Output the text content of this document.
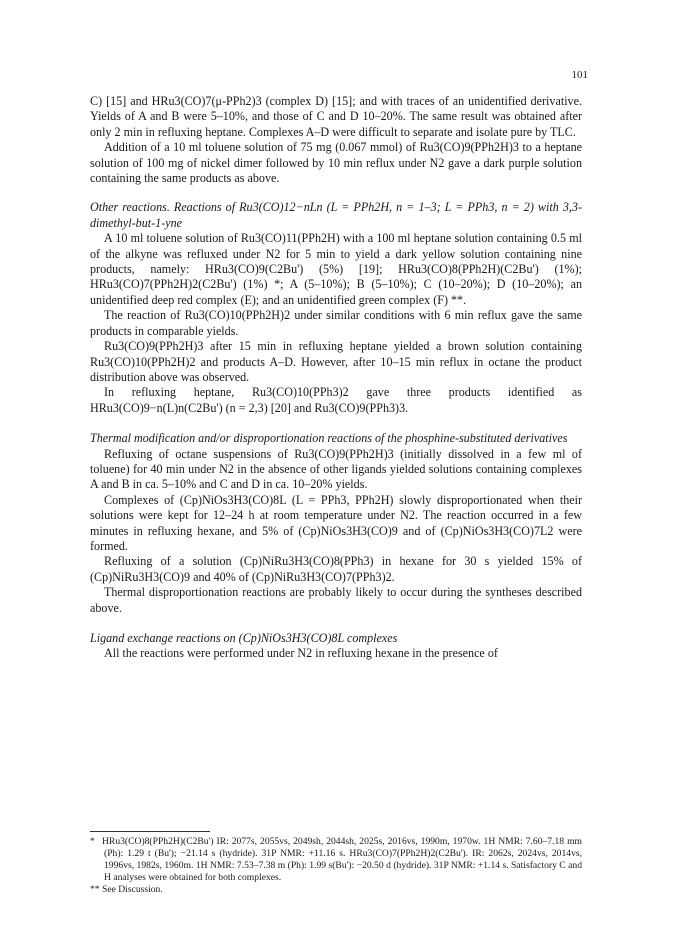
101

C) [15] and HRu3(CO)7(μ-PPh2)3 (complex D) [15]; and with traces of an unidentified derivative. Yields of A and B were 5–10%, and those of C and D 10–20%. The same result was obtained after only 2 min in refluxing heptane. Complexes A–D were difficult to separate and isolate pure by TLC.

Addition of a 10 ml toluene solution of 75 mg (0.067 mmol) of Ru3(CO)9(PPh2H)3 to a heptane solution of 100 mg of nickel dimer followed by 10 min reflux under N2 gave a dark purple solution containing the same products as above.

Other reactions. Reactions of Ru3(CO)12−nLn (L = PPh2H, n = 1–3; L = PPh3, n = 2) with 3,3-dimethyl-but-1-yne

A 10 ml toluene solution of Ru3(CO)11(PPh2H) with a 100 ml heptane solution containing 0.5 ml of the alkyne was refluxed under N2 for 5 min to yield a dark yellow solution containing nine products, namely: HRu3(CO)9(C2Bu') (5%) [19]; HRu3(CO)8(PPh2H)(C2Bu') (1%); HRu3(CO)7(PPh2H)2(C2Bu') (1%) *; A (5–10%); B (5–10%); C (10–20%); D (10–20%); an unidentified deep red complex (E); and an unidentified green complex (F) **.

The reaction of Ru3(CO)10(PPh2H)2 under similar conditions with 6 min reflux gave the same products in comparable yields.

Ru3(CO)9(PPh2H)3 after 15 min in refluxing heptane yielded a brown solution containing Ru3(CO)10(PPh2H)2 and products A–D. However, after 10–15 min reflux in octane the product distribution above was observed.

In refluxing heptane, Ru3(CO)10(PPh3)2 gave three products identified as HRu3(CO)9−n(L)n(C2Bu') (n = 2,3) [20] and Ru3(CO)9(PPh3)3.

Thermal modification and/or disproportionation reactions of the phosphine-substituted derivatives

Refluxing of octane suspensions of Ru3(CO)9(PPh2H)3 (initially dissolved in a few ml of toluene) for 40 min under N2 in the absence of other ligands yielded solutions containing complexes A and B in ca. 5–10% and C and D in ca. 10–20% yields.

Complexes of (Cp)NiOs3H3(CO)8L (L = PPh3, PPh2H) slowly disproportionated when their solutions were kept for 12–24 h at room temperature under N2. The reaction occurred in a few minutes in refluxing hexane, and 5% of (Cp)NiOs3H3(CO)9 and of (Cp)NiOs3H3(CO)7L2 were formed.

Refluxing of a solution (Cp)NiRu3H3(CO)8(PPh3) in hexane for 30 s yielded 15% of (Cp)NiRu3H3(CO)9 and 40% of (Cp)NiRu3H3(CO)7(PPh3)2.

Thermal disproportionation reactions are probably likely to occur during the syntheses described above.

Ligand exchange reactions on (Cp)NiOs3H3(CO)8L complexes

All the reactions were performed under N2 in refluxing hexane in the presence of

* HRu3(CO)8(PPh2H)(C2Bu') IR: 2077s, 2055vs, 2049sh, 2044sh, 2025s, 2016vs, 1990m, 1970w. 1H NMR: 7.60–7.18 mm (Ph): 1.29 t (Bu'); −21.14 s (hydride). 31P NMR: +11.16 s. HRu3(CO)7(PPh2H)2(C2Bu'). IR: 2062s, 2024vs, 2014vs, 1996vs, 1982s, 1960m. 1H NMR: 7.53–7.38 m (Ph): 1.99 s(Bu'): −20.50 d (hydride). 31P NMR: +1.14 s. Satisfactory C and H analyses were obtained for both complexes.

** See Discussion.
